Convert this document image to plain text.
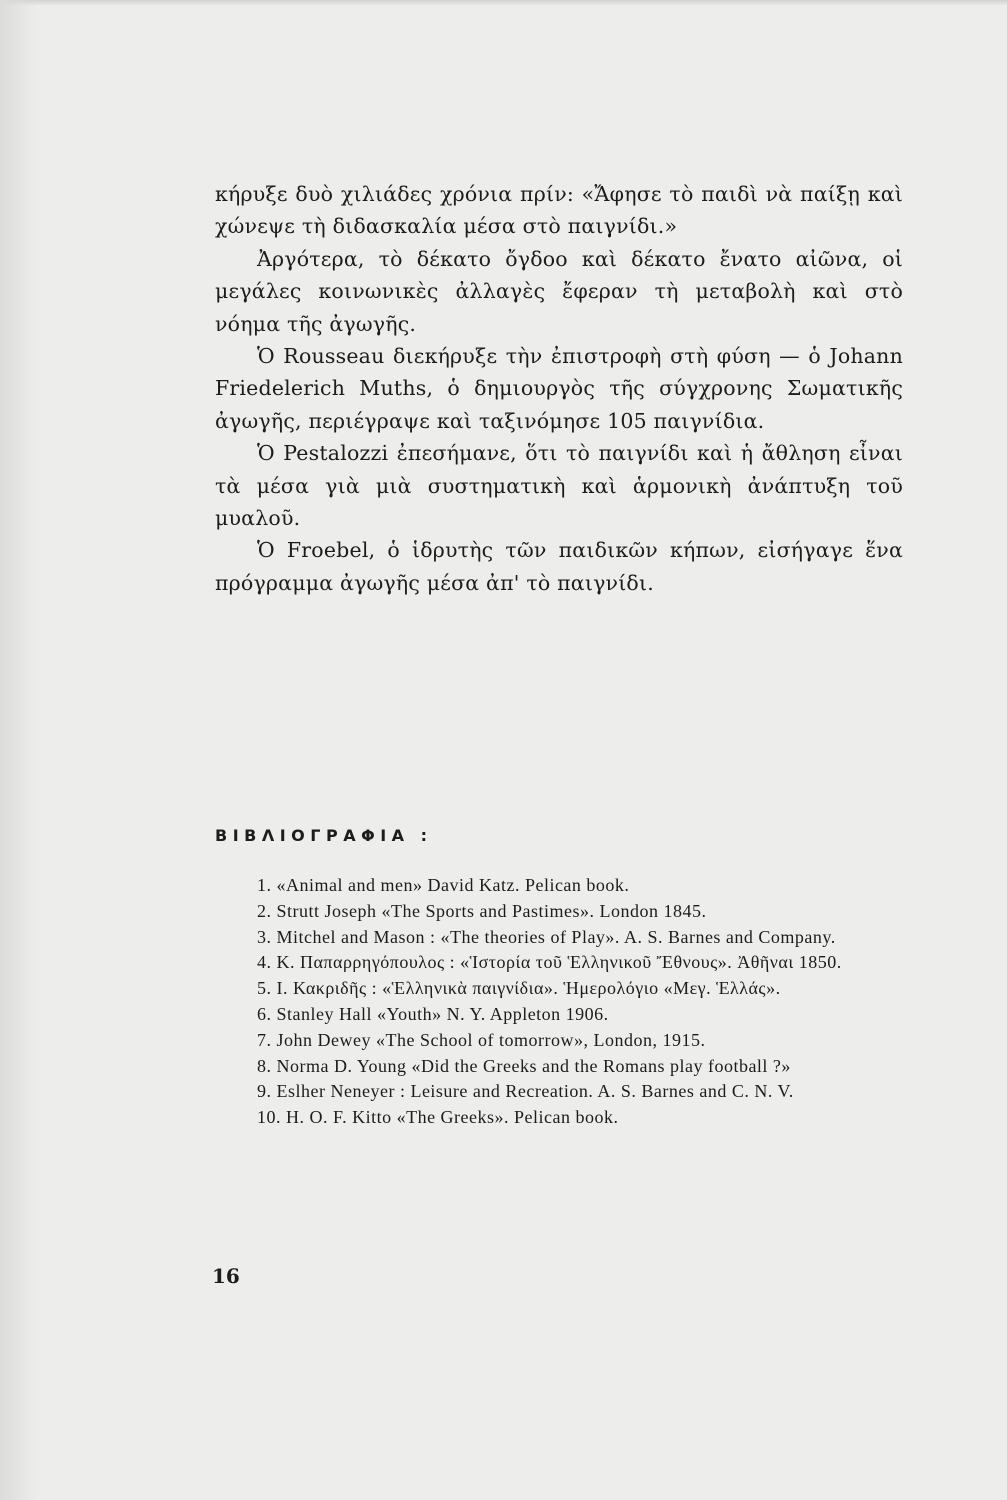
κήρυξε δυὸ χιλιάδες χρόνια πρίν: «Ἄφησε τὸ παιδὶ νὰ παίξῃ καὶ χώνεψε τὴ διδασκαλία μέσα στὸ παιγνίδι.»

Ἀργότερα, τὸ δέκατο ὄγδοο καὶ δέκατο ἔνατο αἰῶνα, οἱ μεγάλες κοινωνικὲς ἀλλαγὲς ἔφεραν τὴ μεταβολὴ καὶ στὸ νόημα τῆς ἀγωγῆς.

Ὁ Rousseau διεκήρυξε τὴν ἐπιστροφὴ στὴ φύση — ὁ Johann Friedelerich Muths, ὁ δημιουργὸς τῆς σύγχρονης Σωματικῆς ἀγωγῆς, περιέγραψε καὶ ταξινόμησε 105 παιγνίδια.

Ὁ Pestalozzi ἐπεσήμανε, ὅτι τὸ παιγνίδι καὶ ἡ ἄθληση εἶναι τὰ μέσα γιὰ μιὰ συστηματικὴ καὶ ἁρμονικὴ ἀνάπτυξη τοῦ μυαλοῦ.

Ὁ Froebel, ὁ ἱδρυτὴς τῶν παιδικῶν κήπων, εἰσήγαγε ἕνα πρόγραμμα ἀγωγῆς μέσα ἀπ' τὸ παιγνίδι.

ΒΙΒΛΙΟΓΡΑΦΙΑ :
1. «Animal and men» David Katz. Pelican book.
2. Strutt Joseph «The Sports and Pastimes». London 1845.
3. Mitchel and Mason : «The theories of Play». A. S. Barnes and Company.
4. K. Παπαρρηγόπουλος : «Ἱστορία τοῦ Ἑλληνικοῦ Ἔθνους». Ἀθῆναι 1850.
5. I. Κακριδῆς : «Ἑλληνικὰ παιγνίδια». Ἡμερολόγιο «Μεγ. Ἑλλάς».
6. Stanley Hall «Youth» N. Y. Appleton 1906.
7. John Dewey «The School of tomorrow», London, 1915.
8. Norma D. Young «Did the Greeks and the Romans play football ?»
9. Eslher Neneyer : Leisure and Recreation. A. S. Barnes and C. N. V.
10. H. O. F. Kitto «The Greeks». Pelican book.
16
